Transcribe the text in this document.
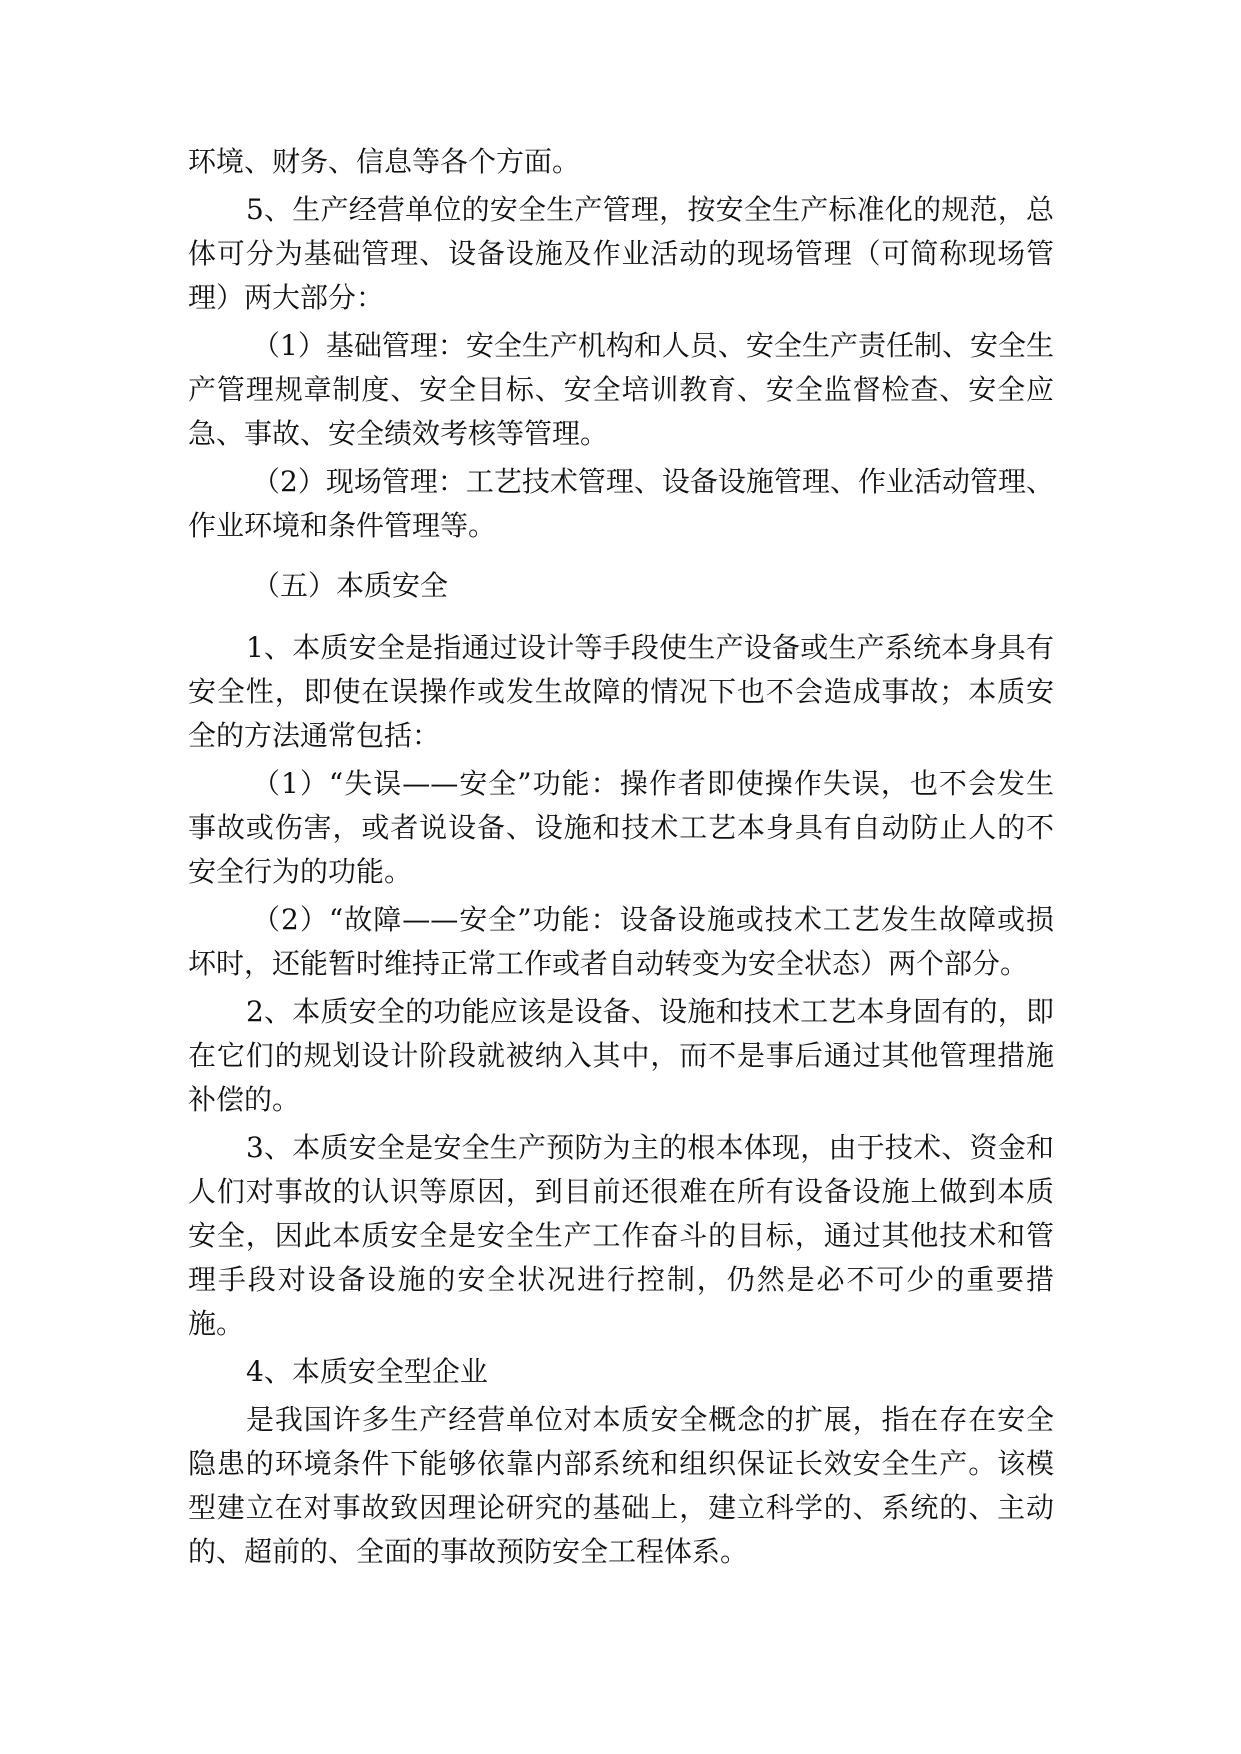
环境、财务、信息等各个方面。

5、生产经营单位的安全生产管理，按安全生产标准化的规范，总体可分为基础管理、设备设施及作业活动的现场管理（可简称现场管理）两大部分：

（1）基础管理：安全生产机构和人员、安全生产责任制、安全生产管理规章制度、安全目标、安全培训教育、安全监督检查、安全应急、事故、安全绩效考核等管理。

（2）现场管理：工艺技术管理、设备设施管理、作业活动管理、作业环境和条件管理等。

（五）本质安全

1、本质安全是指通过设计等手段使生产设备或生产系统本身具有安全性，即使在误操作或发生故障的情况下也不会造成事故；本质安全的方法通常包括：

（1）“失误——安全”功能：操作者即使操作失误，也不会发生事故或伤害，或者说设备、设施和技术工艺本身具有自动防止人的不安全行为的功能。

（2）“故障——安全”功能：设备设施或技术工艺发生故障或损坏时，还能暂时维持正常工作或者自动转变为安全状态）两个部分。

2、本质安全的功能应该是设备、设施和技术工艺本身固有的，即在它们的规划设计阶段就被纳入其中，而不是事后通过其他管理措施补偿的。

3、本质安全是安全生产预防为主的根本体现，由于技术、资金和人们对事故的认识等原因，到目前还很难在所有设备设施上做到本质安全，因此本质安全是安全生产工作奋斗的目标，通过其他技术和管理手段对设备设施的安全状况进行控制，仍然是必不可少的重要措施。

4、本质安全型企业

是我国许多生产经营单位对本质安全概念的扩展，指在存在安全隐患的环境条件下能够依靠内部系统和组织保证长效安全生产。该模型建立在对事故致因理论研究的基础上，建立科学的、系统的、主动的、超前的、全面的事故预防安全工程体系。
